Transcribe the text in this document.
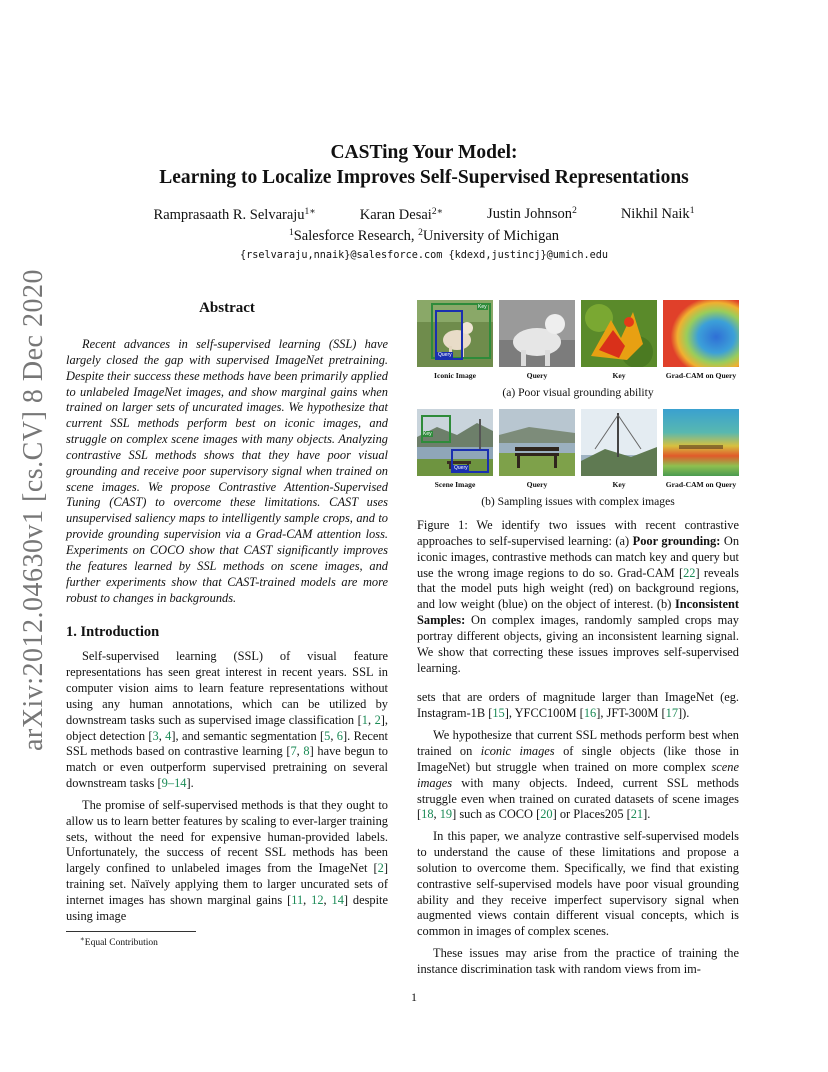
arXiv:2012.04630v1 [cs.CV] 8 Dec 2020
CASTing Your Model:
Learning to Localize Improves Self-Supervised Representations
Ramprasaath R. Selvaraju$^{1∗}$	Karan Desai$^{2∗}$	Justin Johnson$^2$	Nikhil Naik$^1$
$^1$Salesforce Research, $^2$University of Michigan
{rselvaraju,nnaik}@salesforce.com {kdexd,justincj}@umich.edu
Abstract

Recent advances in self-supervised learning (SSL) have largely closed the gap with supervised ImageNet pretraining. Despite their success these methods have been primarily applied to unlabeled ImageNet images, and show marginal gains when trained on larger sets of uncurated images. We hypothesize that current SSL methods perform best on iconic images, and struggle on complex scene images with many objects. Analyzing contrastive SSL methods shows that they have poor visual grounding and receive poor supervisory signal when trained on scene images. We propose Contrastive Attention-Supervised Tuning (CAST) to overcome these limitations. CAST uses unsupervised saliency maps to intelligently sample crops, and to provide grounding supervision via a Grad-CAM attention loss. Experiments on COCO show that CAST significantly improves the features learned by SSL methods on scene images, and further experiments show that CAST-trained models are more robust to changes in backgrounds.

1. Introduction

Self-supervised learning (SSL) of visual feature representations has seen great interest in recent years. SSL in computer vision aims to learn feature representations without using any human annotations, which can be utilized by downstream tasks such as supervised image classification [1, 2], object detection [3, 4], and semantic segmentation [5, 6]. Recent SSL methods based on contrastive learning [7, 8] have begun to match or even outperform supervised pretraining on several downstream tasks [9–14].

The promise of self-supervised methods is that they ought to allow us to learn better features by scaling to ever-larger training sets, without the need for expensive human-provided labels. Unfortunately, the success of recent SSL methods has been largely confined to unlabeled images from the ImageNet [2] training set. Naïvely applying them to larger uncurated sets of internet images has shown marginal gains [11, 12, 14] despite using image

∗Equal Contribution
Key
Query
Iconic Image	Query	Key	Grad-CAM on Query
(a) Poor visual grounding ability
Key
Query
Scene Image	Query	Key	Grad-CAM on Query
(b) Sampling issues with complex images

Figure 1: We identify two issues with recent contrastive approaches to self-supervised learning: (a) Poor grounding: On iconic images, contrastive methods can match key and query but use the wrong image regions to do so. Grad-CAM [22] reveals that the model puts high weight (red) on background regions, and low weight (blue) on the object of interest. (b) Inconsistent Samples: On complex images, randomly sampled crops may portray different objects, giving an inconsistent learning signal. We show that correcting these issues improves self-supervised learning.

sets that are orders of magnitude larger than ImageNet (eg. Instagram-1B [15], YFCC100M [16], JFT-300M [17]).

We hypothesize that current SSL methods perform best when trained on iconic images of single objects (like those in ImageNet) but struggle when trained on more complex scene images with many objects. Indeed, current SSL methods struggle even when trained on curated datasets of scene images [18, 19] such as COCO [20] or Places205 [21].

In this paper, we analyze contrastive self-supervised models to understand the cause of these limitations and propose a solution to overcome them. Specifically, we find that existing contrastive self-supervised models have poor visual grounding ability and they receive imperfect supervisory signal when augmented views contain different visual concepts, which is common in images of complex scenes.

These issues may arise from the practice of training the instance discrimination task with random views from im-

1
